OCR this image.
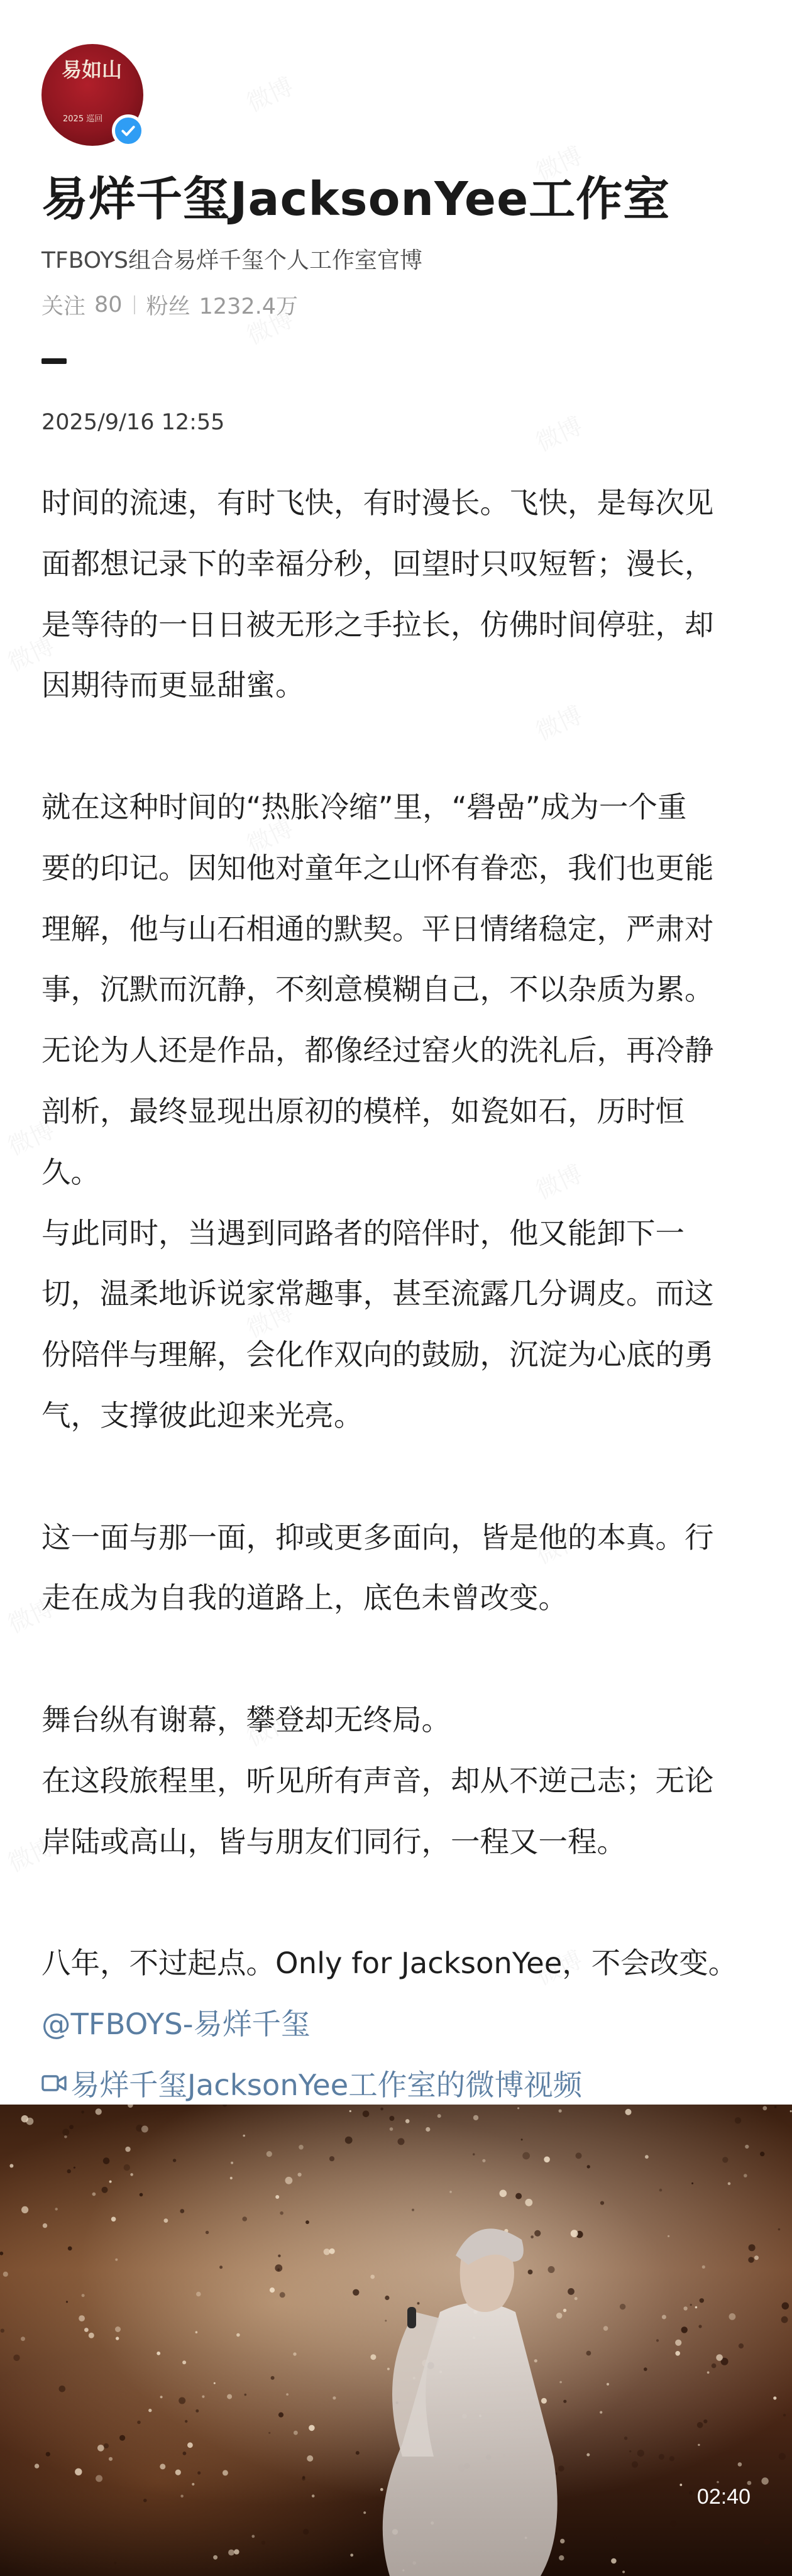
易如山
2025 巡回
易烊千玺JacksonYee工作室
TFBOYS组合易烊千玺个人工作室官博
关注 80 粉丝 1232.4万
2025/9/16 12:55
时间的流速，有时飞快，有时漫长。飞快，是每次见
面都想记录下的幸福分秒，回望时只叹短暂；漫长，
是等待的一日日被无形之手拉长，仿佛时间停驻，却
因期待而更显甜蜜。
就在这种时间的“热胀冷缩”里，“礐嵒”成为一个重
要的印记。因知他对童年之山怀有眷恋，我们也更能
理解，他与山石相通的默契。平日情绪稳定，严肃对
事，沉默而沉静，不刻意模糊自己，不以杂质为累。
无论为人还是作品，都像经过窑火的洗礼后，再冷静
剖析，最终显现出原初的模样，如瓷如石，历时恒
久。
与此同时，当遇到同路者的陪伴时，他又能卸下一
切，温柔地诉说家常趣事，甚至流露几分调皮。而这
份陪伴与理解，会化作双向的鼓励，沉淀为心底的勇
气，支撑彼此迎来光亮。
这一面与那一面，抑或更多面向，皆是他的本真。行
走在成为自我的道路上，底色未曾改变。
舞台纵有谢幕，攀登却无终局。
在这段旅程里，听见所有声音，却从不逆己志；无论
岸陆或高山，皆与朋友们同行，一程又一程。
八年，不过起点。Only for JacksonYee，不会改变。
@TFBOYS-易烊千玺
易烊千玺JacksonYee工作室的微博视频
02:40
